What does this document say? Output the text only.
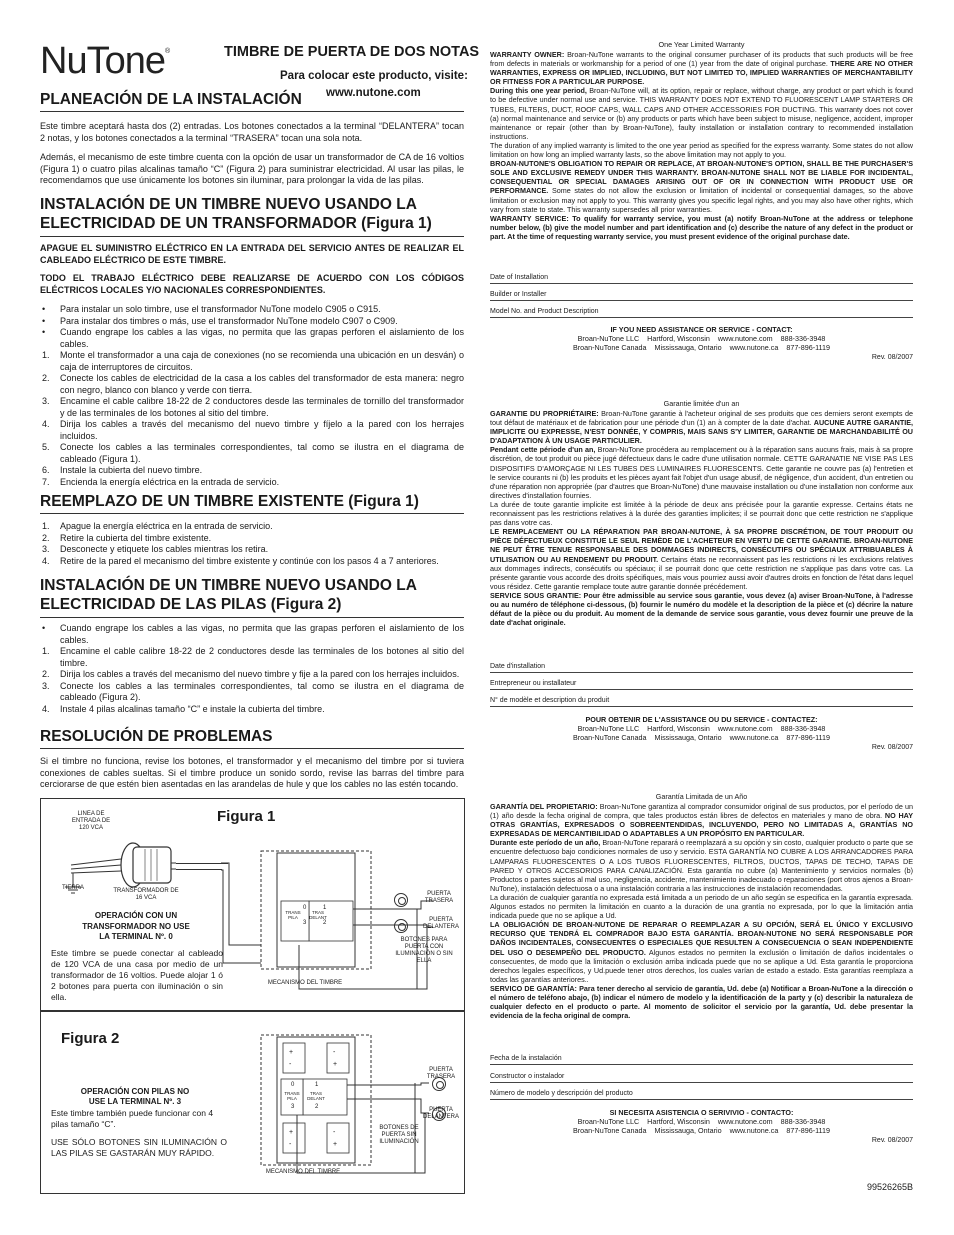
NuTone®	TIMBRE DE PUERTA DE DOS NOTAS
Para colocar este producto, visite:
www.nutone.com
PLANEACIÓN DE LA INSTALACIÓN
Este timbre aceptará hasta dos (2) entradas. Los botones conectados a la terminal “DELANTERA” tocan 2 notas, y los botones conectados a la terminal “TRASERA” tocan una sola nota.
Además, el mecanismo de este timbre cuenta con la opción de usar un transformador de CA de 16 voltios (Figura 1) o cuatro pilas alcalinas tamaño “C” (Figura 2) para suministrar electricidad. Al usar las pilas, le recomendamos que use únicamente los botones sin iluminar, para prolongar la vida de las pilas.
INSTALACIÓN DE UN TIMBRE NUEVO USANDO LA ELECTRICIDAD DE UN TRANSFORMADOR (Figura 1)
APAGUE EL SUMINISTRO ELÉCTRICO EN LA ENTRADA DEL SERVICIO ANTES DE REALIZAR EL CABLEADO ELÉCTRICO DE ESTE TIMBRE.
TODO EL TRABAJO ELÉCTRICO DEBE REALIZARSE DE ACUERDO CON LOS CÓDIGOS ELÉCTRICOS LOCALES Y/O NACIONALES CORRESPONDIENTES.
• Para instalar un solo timbre, use el transformador NuTone modelo C905 o C915.
• Para instalar dos timbres o más, use el transformador NuTone modelo C907 o C909.
• Cuando engrape los cables a las vigas, no permita que las grapas perforen el aislamiento de los cables.
1. Monte el transformador a una caja de conexiones (no se recomienda una ubicación en un desván) o caja de interruptores de circuitos.
2. Conecte los cables de electricidad de la casa a los cables del transformador de esta manera: negro con negro, blanco con blanco y verde con tierra.
3. Encamine el cable calibre 18-22 de 2 conductores desde las terminales de tornillo del transformador y de las terminales de los botones al sitio del timbre.
4. Dirija los cables a través del mecanismo del nuevo timbre y fíjelo a la pared con los herrajes incluidos.
5. Conecte los cables a las terminales correspondientes, tal como se ilustra en el diagrama de cableado (Figura 1).
6. Instale la cubierta del nuevo timbre.
7. Encienda la energía eléctrica en la entrada de servicio.
REEMPLAZO DE UN TIMBRE EXISTENTE (Figura 1)
1. Apague la energía eléctrica en la entrada de servicio.
2. Retire la cubierta del timbre existente.
3. Desconecte y etiquete los cables mientras los retira.
4. Retire de la pared el mecanismo del timbre existente y continúe con los pasos 4 a 7 anteriores.
INSTALACIÓN DE UN TIMBRE NUEVO USANDO LA ELECTRICIDAD DE LAS PILAS (Figura 2)
• Cuando engrape los cables a las vigas, no permita que las grapas perforen el aislamiento de los cables.
1. Encamine el cable calibre 18-22 de 2 conductores desde las terminales de los botones al sitio del timbre.
2. Dirija los cables a través del mecanismo del nuevo timbre y fije a la pared con los herrajes incluidos.
3. Conecte los cables a las terminales correspondientes, tal como se ilustra en el diagrama de cableado (Figura 2).
4. Instale 4 pilas alcalinas tamaño “C” e instale la cubierta del timbre.
RESOLUCIÓN DE PROBLEMAS
Si el timbre no funciona, revise los botones, el transformador y el mecanismo del timbre por si tuviera conexiones de cables sueltas. Si el timbre produce un sonido sordo, revise las barras del timbre para cerciorarse de que estén bien asentadas en las arandelas de hule y que los cables no las estén tocando.
Figura 1
LINEA DE ENTRADA DE 120 VCA
TIERRA	TRANSFORMADOR DE 16 VCA
OPERACIÓN CON UN TRANSFORMADOR NO USE LA TERMINAL Nº. 0
Este timbre se puede conectar al cableado de 120 VCA de una casa por medio de un transformador de 16 voltios. Puede alojar 1 ó 2 botones para puerta con iluminación o sin ella.
0	1
3	2
TRANS PILA
TRAS DELANT
PUERTA TRASERA
PUERTA DELANTERA
BOTONES PARA PUERTA CON ILUMINACIÓN O SIN ELLA
MECANISMO DEL TIMBRE
Figura 2
OPERACIÓN CON PILAS NO USE LA TERMINAL Nº. 3
Este timbre también puede funcionar con 4 pilas tamaño “C”.
USE SÓLO BOTONES SIN ILUMINACIÓN O LAS PILAS SE GASTARÁN MUY RÁPIDO.
+
-
-
+
+
-
-
+
0	1
3	2
TRANS PILA
TRAS DELANT
PUERTA TRASERA
PUERTA DELANTERA
BOTONES DE PUERTA SIN ILUMINACIÓN
MECANISMO DEL TIMBRE
One Year Limited Warranty

WARRANTY OWNER: Broan-NuTone warrants to the original consumer purchaser of its products that such products will be free from defects in materials or workmanship for a period of one (1) year from the date of original purchase. THERE ARE NO OTHER WARRANTIES, EXPRESS OR IMPLIED, INCLUDING, BUT NOT LIMITED TO, IMPLIED WARRANTIES OF MERCHANTABILITY OR FITNESS FOR A PARTICULAR PURPOSE.

During this one year period, Broan-NuTone will, at its option, repair or replace, without charge, any product or part which is found to be defective under normal use and service. THIS WARRANTY DOES NOT EXTEND TO FLUORESCENT LAMP STARTERS OR TUBES, FILTERS, DUCT, ROOF CAPS, WALL CAPS AND OTHER ACCESSORIES FOR DUCTING. This warranty does not cover (a) normal maintenance and service or (b) any products or parts which have been subject to misuse, negligence, accident, improper maintenance or repair (other than by Broan-NuTone), faulty installation or installation contrary to recommended installation instructions.

The duration of any implied warranty is limited to the one year period as specified for the express warranty. Some states do not allow limitation on how long an implied warranty lasts, so the above limitation may not apply to you.

BROAN-NUTONE'S OBLIGATION TO REPAIR OR REPLACE, AT BROAN-NUTONE'S OPTION, SHALL BE THE PURCHASER'S SOLE AND EXCLUSIVE REMEDY UNDER THIS WARRANTY. BROAN-NUTONE SHALL NOT BE LIABLE FOR INCIDENTAL, CONSEQUENTIAL OR SPECIAL DAMAGES ARISING OUT OF OR IN CONNECTION WITH PRODUCT USE OR PERFORMANCE. Some states do not allow the exclusion or limitation of incidental or consequential damages, so the above limitation or exclusion may not apply to you. This warranty gives you specific legal rights, and you may also have other rights, which vary from state to state. This warranty supersedes all prior warranties.

WARRANTY SERVICE: To qualify for warranty service, you must (a) notify Broan-NuTone at the address or telephone number below, (b) give the model number and part identification and (c) describe the nature of any defect in the product or part. At the time of requesting warranty service, you must present evidence of the original purchase date.

Date of Installation
Builder or Installer
Model No. and Product Description

IF YOU NEED ASSISTANCE OR SERVICE - CONTACT:

Broan-NuTone LLC    Hartford, Wisconsin    www.nutone.com    888-336-3948

Broan-NuTone Canada    Mississauga, Ontario    www.nutone.ca    877-896-1119

Rev. 08/2007
Garantie limitée d'un an

GARANTIE DU PROPRIÉTAIRE: Broan-NuTone garantie à l'acheteur original de ses produits que ces derniers seront exempts de tout défaut de matériaux et de fabrication pour une période d'un (1) an à compter de la date d'achat. AUCUNE AUTRE GARANTIE, IMPLICITE OU EXPRESSE, N'EST DONNÉE, Y COMPRIS, MAIS SANS S'Y LIMITER, GARANTIE DE MARCHANDABILITÉ OU D'ADAPTATION À UN USAGE PARTICULIER.

Pendant cette période d'un an, Broan-NuTone procédera au remplacement ou à la réparation sans aucuns frais, mais à sa propre discrétion, de tout produit ou pièce jugé défectueux dans le cadre d'une utilisation normale. CETTE GARANATIE NE VISE PAS LES DISPOSITIFS D'AMORÇAGE NI LES TUBES DES LUMINAIRES FLUORESCENTS. Cette garantie ne couvre pas (a) l'entretien et le service courants ni (b) les produits et les pièces ayant fait l'objet d'un usage abusif, de négligence, d'un accident, d'un entretien ou d'une réparation non appropriée (par d'autres que Broan-NuTone) d'une mauvaise installation ou d'une installation non conforme aux directives d'installation fournies.

La durée de toute garantie implicite est limitée à la période de deux ans précisée pour la garantie expresse. Certains états ne reconnaissent pas les restrictions relatives à la durée des garanties implicites; il se pourrait donc que cette restriction ne s'applique pas dans votre cas.

LE REMPLACEMENT OU LA RÉPARATION PAR BROAN-NUTONE, À SA PROPRE DISCRÉTION, DE TOUT PRODUIT OU PIÈCE DÉFECTUEUX CONSTITUE LE SEUL REMÈDE DE L'ACHETEUR EN VERTU DE CETTE GARANTIE. BROAN-NUTONE NE PEUT ÊTRE TENUE RESPONSABLE DES DOMMAGES INDIRECTS, CONSÉCUTIFS OU SPÉCIAUX ATTRIBUABLES À UTILISATION OU AU RENDEMENT DU PRODUIT. Certains états ne reconnaissent pas les restrictions ni les exclusions relatives aux dommages indirects, consécutifs ou spéciaux; il se pourrait donc que cette restriction ne s'applique pas dans votre cas. La présente garantie vous accorde des droits spécifiques, mais vous pourriez aussi avoir d'autres droits en fonction de l'état dans lequel vous résidez. Cette garantie remplace toute autre garantie donnée précédement.

SERVICE SOUS GRANTIE: Pour être admissible au service sous garantie, vous devez (a) aviser Broan-NuTone, à l'adresse ou au numéro de téléphone ci-dessous, (b) fournir le numéro du modèle et la description de la pièce et (c) décrire la nature défaut de la pièce ou du produit. Au moment de la demande de service sous garantie, vous devez fournir une preuve de la date d'achat originale.

Date d'installation
Entrepreneur ou installateur
N° de modèle et description du produit

POUR OBTENIR DE L'ASSISTANCE OU DU SERVICE - CONTACTEZ:

Broan-NuTone LLC    Hartford, Wisconsin    www.nutone.com    888-336-3948

Broan-NuTone Canada    Mississauga, Ontario    www.nutone.ca    877-896-1119

Rev. 08/2007
Garantía Limitada de un Año

GARANTÍA DEL PROPIETARIO: Broan-NuTone garantiza al comprador consumidor original de sus productos, por el período de un (1) año desde la fecha original de compra, que tales productos están libres de defectos en materiales y mano de obra. NO HAY OTRAS GRANTÍAS, EXPRESADOS O SOBREENTENDIDAS, INCLUYENDO, PERO NO LIMITADAS A, GRANTÍAS NO EXPRESADAS DE MERCANTIBILIDAD O ADAPTABLES A UN PROPÓSITO EN PARTICULAR.

Durante este período de un año, Broan-NuTone reparará o reemplazará a su opción y sin costo, cualquier producto o parte que se encuentre defectuoso bajo condiciones normales de uso y servicio. ESTA GARANTÍA NO CUBRE A LOS ARRANCADORES PARA LAMPARAS FLUORESCENTES O A LOS TUBOS FLUORESCENTES, FILTROS, DUCTOS, TAPAS DE TECHO, TAPAS DE PARED Y OTROS ACCESORIOS PARA CANALIZACIÓN. Esta garantía no cubre (a) Mantenimiento y servicios normales (b) Productos o partes sujetos al mal uso, negligencia, accidente, mantenimiento inadecuado o reparaciones (port otros ajenos a Broan-NuTone), instalación defectuosa o a una instalación contraria a las instrucciones de instalación recomendadas.

La duración de cualquier garantía no expresada está limitada a un periodo de un año según se especifica en la garantía expresada. Algunos estados no permiten la limitación en cuanto a la duración de una grantía no expresada, por lo que la limitación antia indicada puede que no se aplique a Ud.

LA OBLIGACIÓN DE BROAN-NUTONE DE REPARAR O REEMPLAZAR A SU OPCIÓN, SERÁ EL ÚNICO Y EXCLUSIVO RECURSO QUE TENDRÁ EL COMPRADOR BAJO ESTA GARANTÍA. BROAN-NUTONE NO SERÁ RESPONSABLE POR DAÑOS INCIDENTALES, CONSECUENTES O ESPECIALES QUE RESULTEN A CONSECUENCIA O SEAN INDEPENDIENTE DEL USO O DESEMPEÑO DEL PRODUCTO. Algunos estados no permiten la exclusión o limitación de daños incidentales o consecuentes, de modo que la limitación o exclusión arriba indicada puede que no se aplique a Ud. Esta garantía le proporciona derechos legales específicos, y Ud.puede tener otros derechos, los cuales varían de estado a estado. Esta garantías reemplaza a todas las garantías anteriores..

SERVICO DE GARANTÍA: Para tener derecho al servicio de garantía, Ud. debe (a) Notificar a Broan-NuTone a la dirección o el número de teléfono abajo, (b) indicar el número de modelo y la identificación de la party y (c) describir la naturaleza de cualquier defecto en el producto o parte. Al momento de solicitor el servicio por la garantía, Ud. debe presentar la evidencia de la fecha original de compra.

Fecha de la instalación
Constructor o instalador
Número de modelo y descripción del producto

SI NECESITA ASISTENCIA O SERIVIVIO - CONTACTO:

Broan-NuTone LLC    Hartford, Wisconsin    www.nutone.com    888-336-3948

Broan-NuTone Canada    Mississauga, Ontario    www.nutone.ca    877-896-1119

Rev. 08/2007
99526265B
